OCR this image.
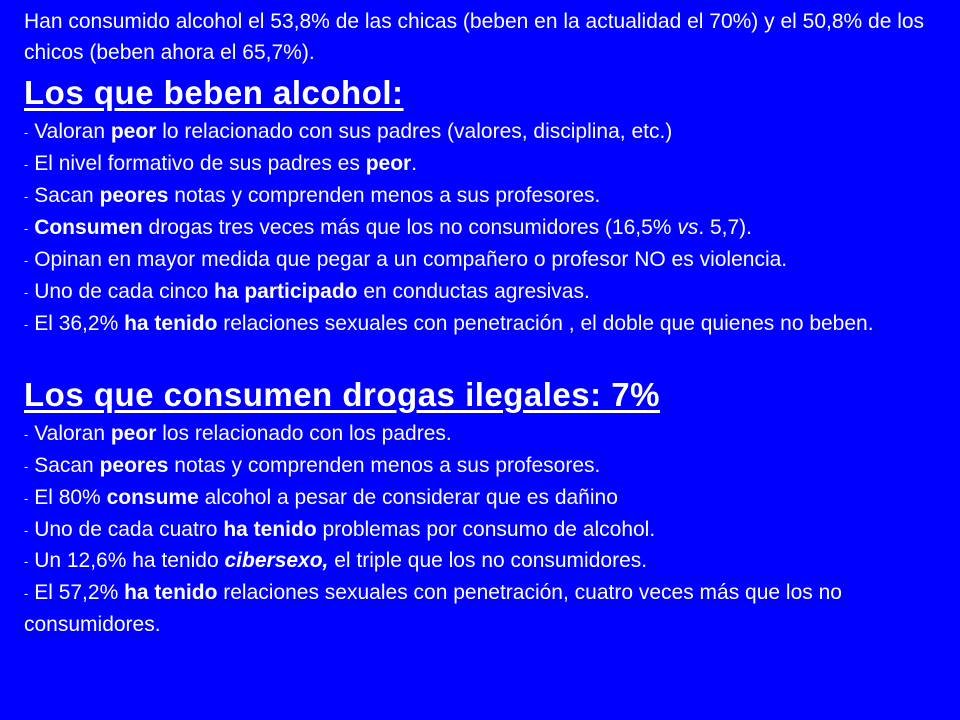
Han consumido alcohol el 53,8% de las chicas (beben en la actualidad el 70%) y el 50,8% de los chicos (beben ahora el 65,7%).

Los que beben alcohol:
- Valoran peor lo relacionado con sus padres (valores, disciplina, etc.)
- El nivel formativo de sus padres es peor.
- Sacan peores notas y comprenden menos a sus profesores.
- Consumen drogas tres veces más que los no consumidores (16,5% vs. 5,7).
- Opinan en mayor medida que pegar a un compañero o profesor NO es violencia.
- Uno de cada cinco ha participado en conductas agresivas.
- El 36,2% ha tenido relaciones sexuales con penetración , el doble que quienes no beben.
Los que consumen drogas ilegales: 7%
- Valoran peor los relacionado con los padres.
- Sacan peores notas y comprenden menos a sus profesores.
- El 80% consume alcohol a pesar de considerar que es dañino
- Uno de cada cuatro ha tenido problemas por consumo de alcohol.
- Un 12,6% ha tenido cibersexo, el triple que los no consumidores.
- El 57,2% ha tenido relaciones sexuales con penetración, cuatro veces más que los no consumidores.
